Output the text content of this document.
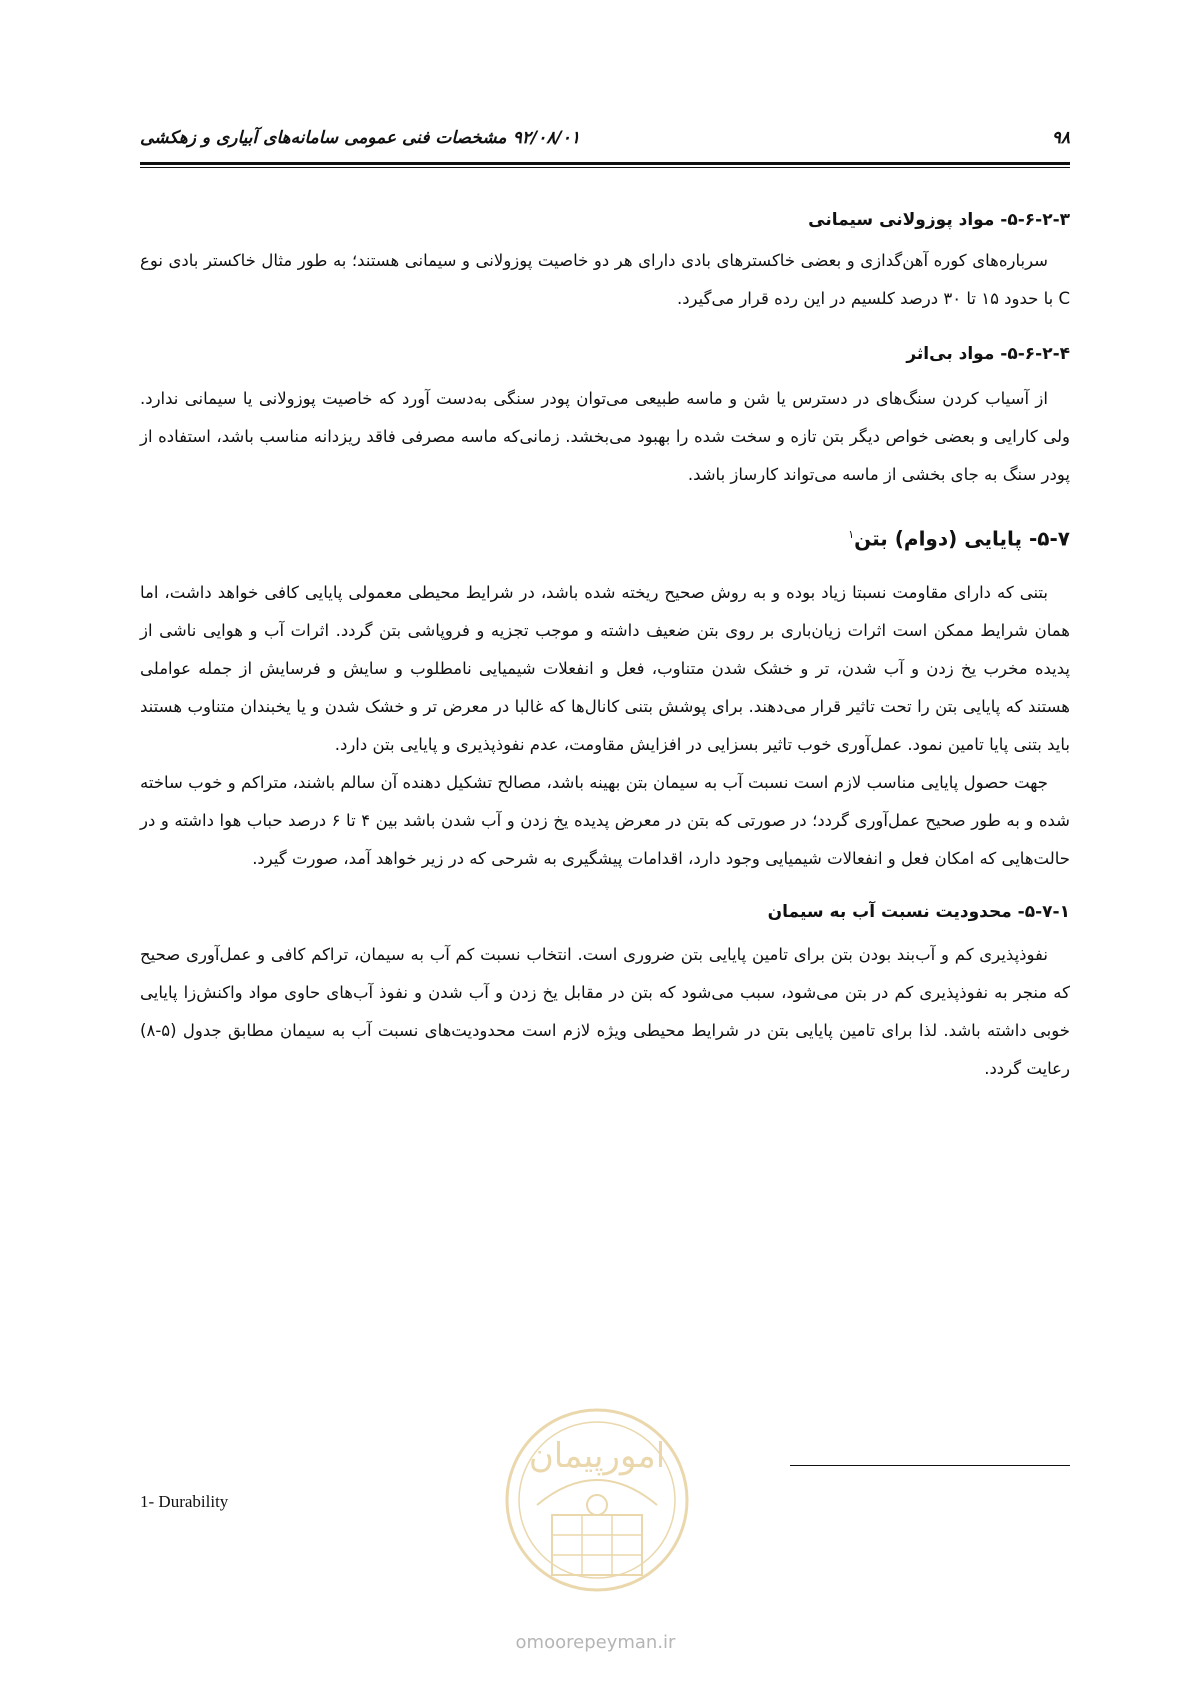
۹۸
۹۲/۰۸/۰۱
مشخصات فنی عمومی سامانه‌های آبیاری و زهکشی
۵-۶-۲-۳- مواد پوزولانی سیمانی

سرباره‌های کوره آهن‌گدازی و بعضی خاکسترهای بادی دارای هر دو خاصیت پوزولانی و سیمانی هستند؛ به طور مثال خاکستر بادی نوع C با حدود ۱۵ تا ۳۰ درصد کلسیم در این رده قرار می‌گیرد.

۵-۶-۲-۴- مواد بی‌اثر

از آسیاب کردن سنگ‌های در دسترس یا شن و ماسه طبیعی می‌توان پودر سنگی به‌دست آورد که خاصیت پوزولانی یا سیمانی ندارد. ولی کارایی و بعضی خواص دیگر بتن تازه و سخت شده را بهبود می‌بخشد. زمانی‌که ماسه مصرفی فاقد ریزدانه مناسب باشد، استفاده از پودر سنگ به جای بخشی از ماسه می‌تواند کارساز باشد.

۵-۷- پایایی (دوام) بتن$^۱$

بتنی که دارای مقاومت نسبتا زیاد بوده و به روش صحیح ریخته شده باشد، در شرایط محیطی معمولی پایایی کافی خواهد داشت، اما همان شرایط ممکن است اثرات زیان‌باری بر روی بتن ضعیف داشته و موجب تجزیه و فروپاشی بتن گردد. اثرات آب و هوایی ناشی از پدیده مخرب یخ زدن و آب شدن، تر و خشک شدن متناوب، فعل و انفعلات شیمیایی نامطلوب و سایش و فرسایش از جمله عواملی هستند که پایایی بتن را تحت تاثیر قرار می‌دهند. برای پوشش بتنی کانال‌ها که غالبا در معرض تر و خشک شدن و یا یخبندان متناوب هستند باید بتنی پایا تامین نمود. عمل‌آوری خوب تاثیر بسزایی در افزایش مقاومت، عدم نفوذپذیری و پایایی بتن دارد.

جهت حصول پایایی مناسب لازم است نسبت آب به سیمان بتن بهینه باشد، مصالح تشکیل دهنده آن سالم باشند، متراکم و خوب ساخته شده و به طور صحیح عمل‌آوری گردد؛ در صورتی که بتن در معرض پدیده یخ زدن و آب شدن باشد بین ۴ تا ۶ درصد حباب هوا داشته و در حالت‌هایی که امکان فعل و انفعالات شیمیایی وجود دارد، اقدامات پیشگیری به شرحی که در زیر خواهد آمد، صورت گیرد.

۵-۷-۱- محدودیت نسبت آب به سیمان

نفوذپذیری کم و آب‌بند بودن بتن برای تامین پایایی بتن ضروری است. انتخاب نسبت کم آب به سیمان، تراکم کافی و عمل‌آوری صحیح که منجر به نفوذپذیری کم در بتن می‌شود، سبب می‌شود که بتن در مقابل یخ زدن و آب شدن و نفوذ آب‌های حاوی مواد واکنش‌زا پایایی خوبی داشته باشد. لذا برای تامین پایایی بتن در شرایط محیطی ویژه لازم است محدودیت‌های نسبت آب به سیمان مطابق جدول (۵-۸) رعایت گردد.

1- Durability
امورپیمان
omoorepeyman.ir
